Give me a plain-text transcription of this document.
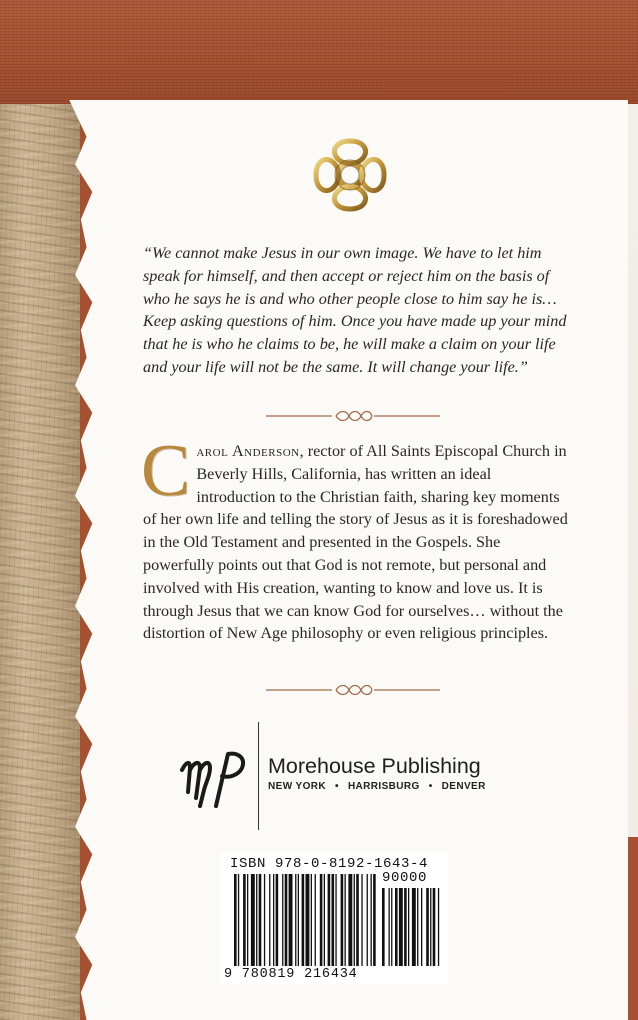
“We cannot make Jesus in our own image. We have to let him speak for himself, and then accept or reject him on the basis of who he says he is and who other people close to him say he is… Keep asking questions of him. Once you have made up your mind that he is who he claims to be, he will make a claim on your life and your life will not be the same. It will change your life.”

Carol Anderson, rector of All Saints Episcopal Church in Beverly Hills, California, has written an ideal introduction to the Christian faith, sharing key moments of her own life and telling the story of Jesus as it is foreshadowed in the Old Testament and presented in the Gospels. She powerfully points out that God is not remote, but personal and involved with His creation, wanting to know and love us. It is through Jesus that we can know God for ourselves… without the distortion of New Age philosophy or even religious principles.

Morehouse Publishing
NEW YORK • HARRISBURG • DENVER
ISBN 978-0-8192-1643-4
90000
9 780819 216434
